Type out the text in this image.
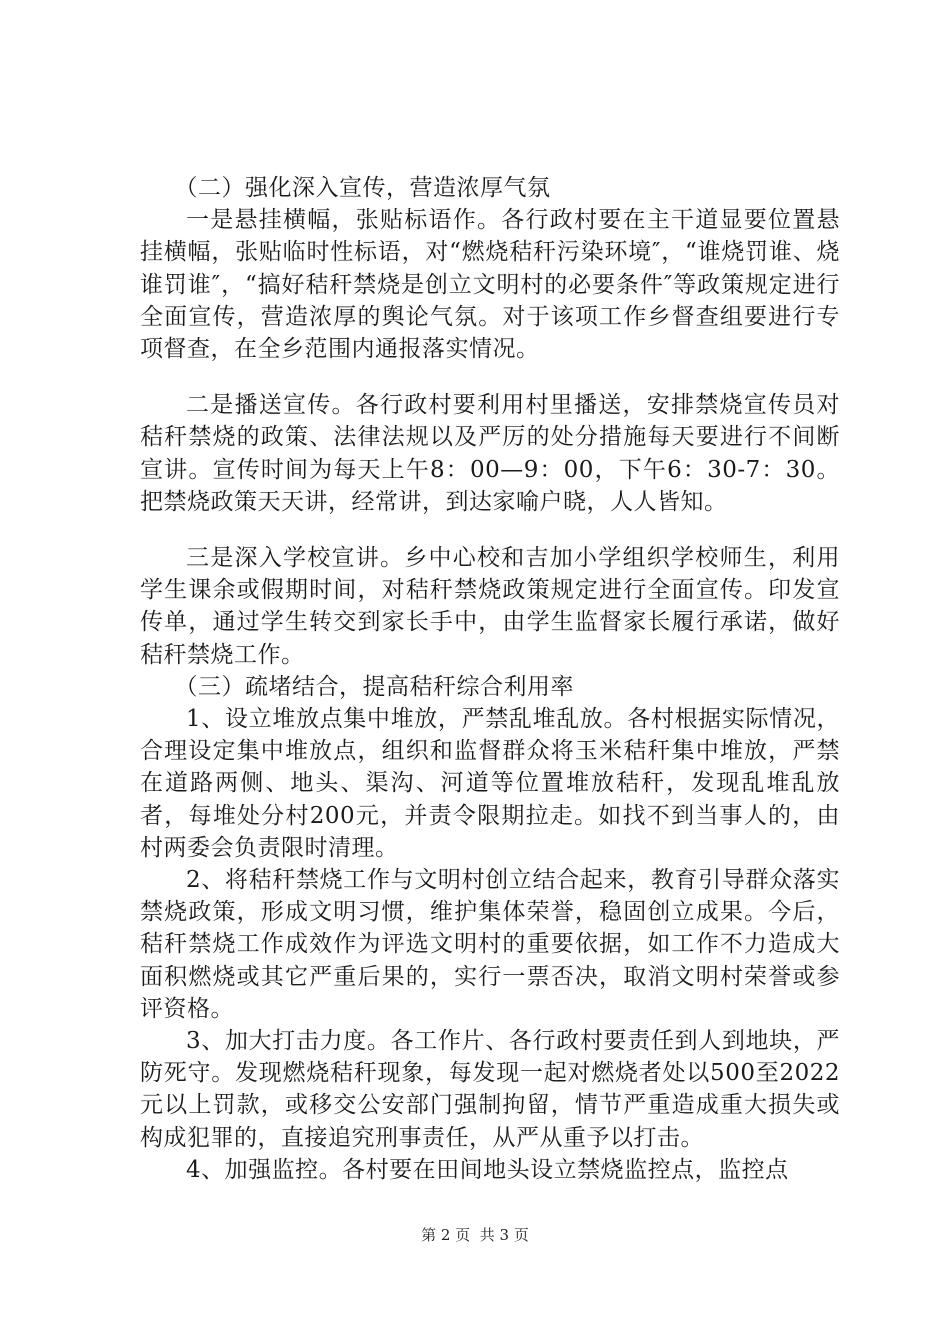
（二）强化深入宣传，营造浓厚气氛

一是悬挂横幅，张贴标语作。各行政村要在主干道显要位置悬挂横幅，张贴临时性标语，对“燃烧秸秆污染环境″，“谁烧罚谁、烧谁罚谁″，“搞好秸秆禁烧是创立文明村的必要条件″等政策规定进行全面宣传，营造浓厚的舆论气氛。对于该项工作乡督查组要进行专项督查，在全乡范围内通报落实情况。

二是播送宣传。各行政村要利用村里播送，安排禁烧宣传员对秸秆禁烧的政策、法律法规以及严厉的处分措施每天要进行不间断宣讲。宣传时间为每天上午8：00—9：00，下午6：30-7：30。把禁烧政策天天讲，经常讲，到达家喻户晓，人人皆知。

三是深入学校宣讲。乡中心校和吉加小学组织学校师生，利用学生课余或假期时间，对秸秆禁烧政策规定进行全面宣传。印发宣传单，通过学生转交到家长手中，由学生监督家长履行承诺，做好秸秆禁烧工作。

（三）疏堵结合，提高秸秆综合利用率

1、设立堆放点集中堆放，严禁乱堆乱放。各村根据实际情况，合理设定集中堆放点，组织和监督群众将玉米秸秆集中堆放，严禁在道路两侧、地头、渠沟、河道等位置堆放秸秆，发现乱堆乱放者，每堆处分村200元，并责令限期拉走。如找不到当事人的，由村两委会负责限时清理。

2、将秸秆禁烧工作与文明村创立结合起来，教育引导群众落实禁烧政策，形成文明习惯，维护集体荣誉，稳固创立成果。今后，秸秆禁烧工作成效作为评选文明村的重要依据，如工作不力造成大面积燃烧或其它严重后果的，实行一票否决，取消文明村荣誉或参评资格。

3、加大打击力度。各工作片、各行政村要责任到人到地块，严防死守。发现燃烧秸秆现象，每发现一起对燃烧者处以500至2022元以上罚款，或移交公安部门强制拘留，情节严重造成重大损失或构成犯罪的，直接追究刑事责任，从严从重予以打击。

4、加强监控。各村要在田间地头设立禁烧监控点，监控点

第 2 页  共 3 页
